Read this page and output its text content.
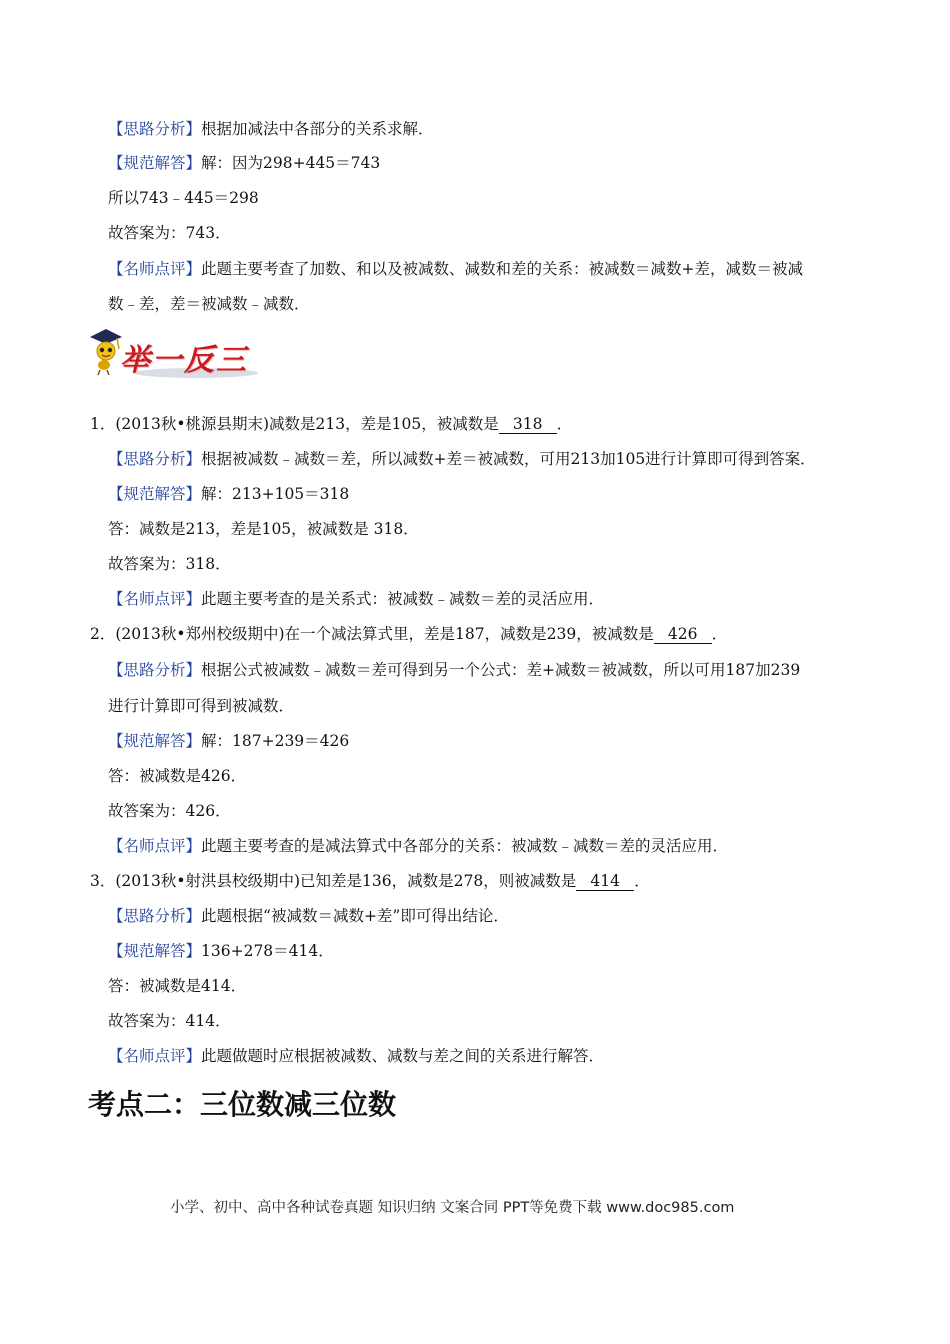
【思路分析】根据加减法中各部分的关系求解．
【规范解答】解：因为298+445＝743
所以743﹣445＝298
故答案为：743．
【名师点评】此题主要考查了加数、和以及被减数、减数和差的关系：被减数＝减数+差，减数＝被减
数﹣差，差＝被减数﹣减数．
举一反三
1．(2013秋•桃源县期末)减数是213，差是105，被减数是 318 ．
【思路分析】根据被减数﹣减数＝差，所以减数+差＝被减数，可用213加105进行计算即可得到答案．
【规范解答】解：213+105＝318
答：减数是213，差是105，被减数是 318．
故答案为：318．
【名师点评】此题主要考查的是关系式：被减数﹣减数＝差的灵活应用．
2．(2013秋•郑州校级期中)在一个减法算式里，差是187，减数是239，被减数是 426 ．
【思路分析】根据公式被减数﹣减数＝差可得到另一个公式：差+减数＝被减数，所以可用187加239
进行计算即可得到被减数．
【规范解答】解：187+239＝426
答：被减数是426．
故答案为：426．
【名师点评】此题主要考查的是减法算式中各部分的关系：被减数﹣减数＝差的灵活应用．
3．(2013秋•射洪县校级期中)已知差是136，减数是278，则被减数是 414 ．
【思路分析】此题根据“被减数＝减数+差”即可得出结论．
【规范解答】136+278＝414．
答：被减数是414．
故答案为：414．
【名师点评】此题做题时应根据被减数、减数与差之间的关系进行解答．
考点二：三位数减三位数
小学、初中、高中各种试卷真题 知识归纳 文案合同 PPT等免费下载 www.doc985.com
